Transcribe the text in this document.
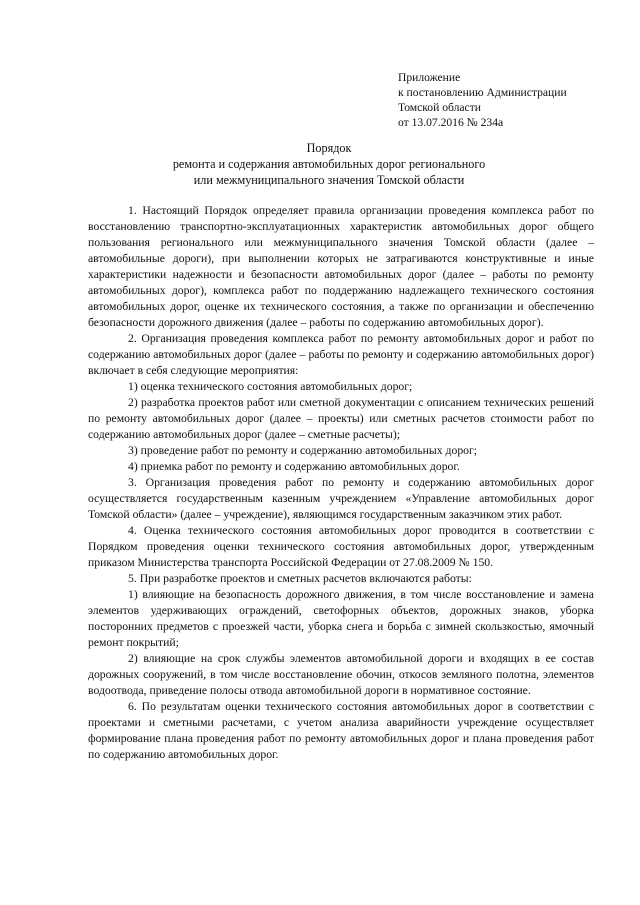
Приложение
к постановлению Администрации
Томской области
от 13.07.2016 № 234а
Порядок
ремонта и содержания автомобильных дорог регионального
или межмуниципального значения Томской области

1. Настоящий Порядок определяет правила организации проведения комплекса работ по восстановлению транспортно-эксплуатационных характеристик автомобильных дорог общего пользования регионального или межмуниципального значения Томской области (далее – автомобильные дороги), при выполнении которых не затрагиваются конструктивные и иные характеристики надежности и безопасности автомобильных дорог (далее – работы по ремонту автомобильных дорог), комплекса работ по поддержанию надлежащего технического состояния автомобильных дорог, оценке их технического состояния, а также по организации и обеспечению безопасности дорожного движения (далее – работы по содержанию автомобильных дорог).

2. Организация проведения комплекса работ по ремонту автомобильных дорог и работ по содержанию автомобильных дорог (далее – работы по ремонту и содержанию автомобильных дорог) включает в себя следующие мероприятия:

1) оценка технического состояния автомобильных дорог;

2) разработка проектов работ или сметной документации с описанием технических решений по ремонту автомобильных дорог (далее – проекты) или сметных расчетов стоимости работ по содержанию автомобильных дорог (далее – сметные расчеты);

3) проведение работ по ремонту и содержанию автомобильных дорог;

4) приемка работ по ремонту и содержанию автомобильных дорог.

3. Организация проведения работ по ремонту и содержанию автомобильных дорог осуществляется государственным казенным учреждением «Управление автомобильных дорог Томской области» (далее – учреждение), являющимся государственным заказчиком этих работ.

4. Оценка технического состояния автомобильных дорог проводится в соответствии с Порядком проведения оценки технического состояния автомобильных дорог, утвержденным приказом Министерства транспорта Российской Федерации от 27.08.2009 № 150.

5. При разработке проектов и сметных расчетов включаются работы:

1) влияющие на безопасность дорожного движения, в том числе восстановление и замена элементов удерживающих ограждений, светофорных объектов, дорожных знаков, уборка посторонних предметов с проезжей части, уборка снега и борьба с зимней скользкостью, ямочный ремонт покрытий;

2) влияющие на срок службы элементов автомобильной дороги и входящих в ее состав дорожных сооружений, в том числе восстановление обочин, откосов земляного полотна, элементов водоотвода, приведение полосы отвода автомобильной дороги в нормативное состояние.

6. По результатам оценки технического состояния автомобильных дорог в соответствии с проектами и сметными расчетами, с учетом анализа аварийности учреждение осуществляет формирование плана проведения работ по ремонту автомобильных дорог и плана проведения работ по содержанию автомобильных дорог.
